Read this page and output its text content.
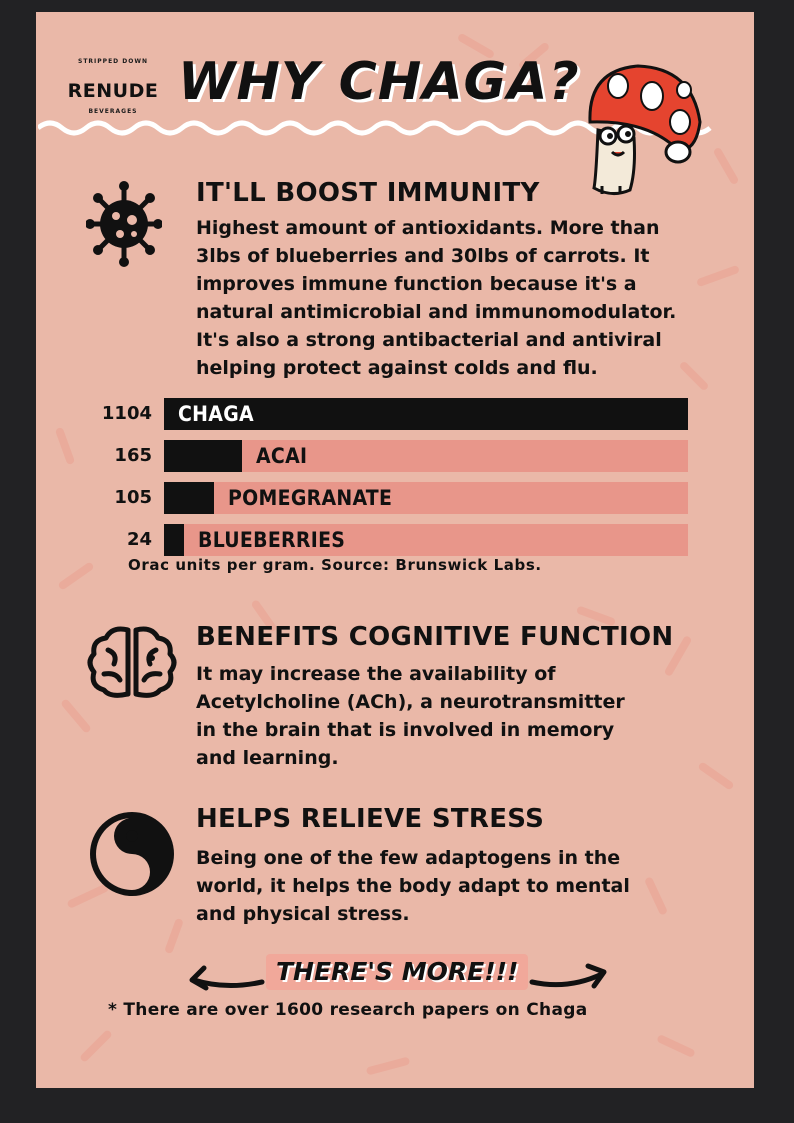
STRIPPED DOWN
RENUDE
BEVERAGES WHY CHAGA?
IT'LL BOOST IMMUNITY
Highest amount of antioxidants. More than
3lbs of blueberries and 30lbs of carrots. It
improves immune function because it's a
natural antimicrobial and immunomodulator.
It's also a strong antibacterial and antiviral
helping protect against colds and flu.
1104 CHAGA
165	ACAI
105	POMEGRANATE
24 BLUEBERRIES
Orac units per gram. Source: Brunswick Labs.
BENEFITS COGNITIVE FUNCTION
It may increase the availability of
Acetylcholine (ACh), a neurotransmitter
in the brain that is involved in memory
and learning.
HELPS RELIEVE STRESS
Being one of the few adaptogens in the
world, it helps the body adapt to mental
and physical stress.
THERE'S MORE!!!
* There are over 1600 research papers on Chaga
